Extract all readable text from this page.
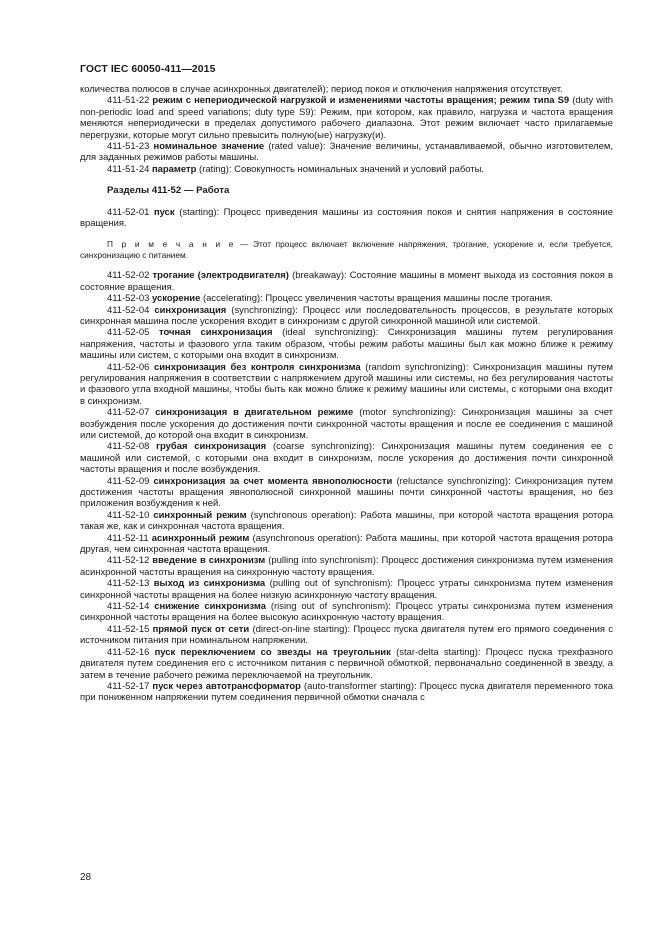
ГОСТ IEC 60050-411—2015

количества полюсов в случае асинхронных двигателей); период покоя и отключения напряжения отсутствует.

411-51-22 режим с непериодической нагрузкой и изменениями частоты вращения; режим типа S9 (duty with non-periodic load and speed variations; duty type S9): Режим, при котором, как правило, нагрузка и частота вращения меняются непериодически в пределах допустимого рабочего диапазона. Этот режим включает часто прилагаемые перегрузки, которые могут сильно превысить полную(ые) нагрузку(и).

411-51-23 номинальное значение (rated value): Значение величины, устанавливаемой, обычно изготовителем, для заданных режимов работы машины.

411-51-24 параметр (rating): Совокупность номинальных значений и условий работы.

Разделы 411-52 — Работа

411-52-01 пуск (starting): Процесс приведения машины из состояния покоя и снятия напряжения в состояние вращения.

П р и м е ч а н и е — Этот процесс включает включение напряжения, трогание, ускорение и, если требуется, синхронизацию с питанием.

411-52-02 трогание (электродвигателя) (breakaway): Состояние машины в момент выхода из состояния покоя в состояние вращения.

411-52-03 ускорение (accelerating): Процесс увеличения частоты вращения машины после трогания.

411-52-04 синхронизация (synchronizing): Процесс или последовательность процессов, в результате которых синхронная машина после ускорения входит в синхронизм с другой синхронной машиной или системой.

411-52-05 точная синхронизация (ideal synchronizing): Синхронизация машины путем регулирования напряжения, частоты и фазового угла таким образом, чтобы режим работы машины был как можно ближе к режиму машины или систем, с которыми она входит в синхронизм.

411-52-06 синхронизация без контроля синхронизма (random synchronizing): Синхронизация машины путем регулирования напряжения в соответствии с напряжением другой машины или системы, но без регулирования частоты и фазового угла входной машины, чтобы быть как можно ближе к режиму машины или системы, с которыми она входит в синхронизм.

411-52-07 синхронизация в двигательном режиме (motor synchronizing): Синхронизация машины за счет возбуждения после ускорения до достижения почти синхронной частоты вращения и после ее соединения с машиной или системой, до которой она входит в синхронизм.

411-52-08 грубая синхронизация (coarse synchronizing): Синхронизация машины путем соединения ее с машиной или системой, с которыми она входит в синхронизм, после ускорения до достижения почти синхронной частоты вращения и после возбуждения.

411-52-09 синхронизация за счет момента явнополюсности (reluctance synchronizing): Синхронизация путем достижения частоты вращения явнополюсной синхронной машины почти синхронной частоты вращения, но без приложения возбуждения к ней.

411-52-10 синхронный режим (synchronous operation): Работа машины, при которой частота вращения ротора такая же, как и синхронная частота вращения.

411-52-11 асинхронный режим (asynchronous operation): Работа машины, при которой частота вращения ротора другая, чем синхронная частота вращения.

411-52-12 введение в синхронизм (pulling into synchronism): Процесс достижения синхронизма путем изменения асинхронной частоты вращения на синхронную частоту вращения.

411-52-13 выход из синхронизма (pulling out of synchronism): Процесс утраты синхронизма путем изменения синхронной частоты вращения на более низкую асинхронную частоту вращения.

411-52-14 снижение синхронизма (rising out of synchronism): Процесс утраты синхронизма путем изменения синхронной частоты вращения на более высокую асинхронную частоту вращения.

411-52-15 прямой пуск от сети (direct-on-line starting): Процесс пуска двигателя путем его прямого соединения с источником питания при номинальном напряжении.

411-52-16 пуск переключением со звезды на треугольник (star-delta starting): Процесс пуска трехфазного двигателя путем соединения его с источником питания с первичной обмоткой, первоначально соединенной в звезду, а затем в течение рабочего режима переключаемой на треугольник.

411-52-17 пуск через автотрансформатор (auto-transformer starting): Процесс пуска двигателя переменного тока при пониженном напряжении путем соединения первичной обмотки сначала с

28
